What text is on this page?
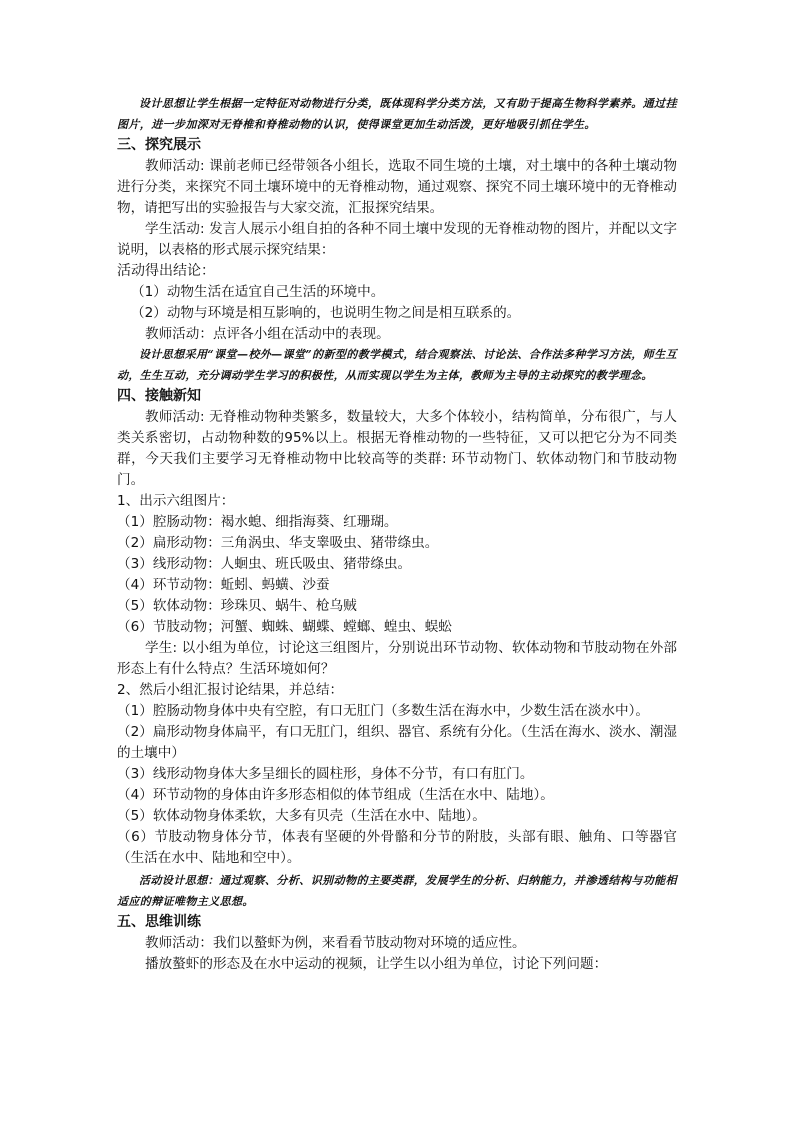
设计思想让学生根据一定特征对动物进行分类，既体现科学分类方法，又有助于提高生物科学素养。通过挂图片，进一步加深对无脊椎和脊椎动物的认识，使得课堂更加生动活泼，更好地吸引抓住学生。

三、探究展示

教师活动: 课前老师已经带领各小组长，选取不同生境的土壤，对土壤中的各种土壤动物进行分类，来探究不同土壤环境中的无脊椎动物，通过观察、探究不同土壤环境中的无脊椎动物，请把写出的实验报告与大家交流，汇报探究结果。

学生活动: 发言人展示小组自拍的各种不同土壤中发现的无脊椎动物的图片，并配以文字说明，以表格的形式展示探究结果：

活动得出结论：

（1）动物生活在适宜自己生活的环境中。

（2）动物与环境是相互影响的，也说明生物之间是相互联系的。

教师活动：点评各小组在活动中的表现。

设计思想采用“课堂—校外—课堂”的新型的教学模式，结合观察法、讨论法、合作法多种学习方法，师生互动，生生互动，充分调动学生学习的积极性，从而实现以学生为主体，教师为主导的主动探究的教学理念。

四、接触新知

教师活动: 无脊椎动物种类繁多，数量较大，大多个体较小，结构简单，分布很广，与人类关系密切，占动物种数的95%以上。根据无脊椎动物的一些特征，又可以把它分为不同类群，今天我们主要学习无脊椎动物中比较高等的类群: 环节动物门、软体动物门和节肢动物门。

1、出示六组图片：

（1）腔肠动物：褐水螅、细指海葵、红珊瑚。

（2）扁形动物：三角涡虫、华支睾吸虫、猪带绦虫。

（3）线形动物：人蛔虫、班氏吸虫、猪带绦虫。

（4）环节动物：蚯蚓、蚂蟥、沙蚕

（5）软体动物：珍珠贝、蜗牛、枪乌贼

（6）节肢动物；河蟹、蜘蛛、蝴蝶、螳螂、蝗虫、蜈蚣

学生: 以小组为单位，讨论这三组图片，分别说出环节动物、软体动物和节肢动物在外部形态上有什么特点？生活环境如何？

2、然后小组汇报讨论结果，并总结：

（1）腔肠动物身体中央有空腔，有口无肛门（多数生活在海水中，少数生活在淡水中）。

（2）扁形动物身体扁平，有口无肛门，组织、器官、系统有分化。（生活在海水、淡水、潮湿的土壤中）

（3）线形动物身体大多呈细长的圆柱形，身体不分节，有口有肛门。

（4）环节动物的身体由许多形态相似的体节组成（生活在水中、陆地）。

（5）软体动物身体柔软，大多有贝壳（生活在水中、陆地）。

（6）节肢动物身体分节，体表有坚硬的外骨骼和分节的附肢，头部有眼、触角、口等器官（生活在水中、陆地和空中）。

活动设计思想：通过观察、分析、识别动物的主要类群，发展学生的分析、归纳能力，并渗透结构与功能相适应的辩证唯物主义思想。

五、思维训练

教师活动：我们以螯虾为例，来看看节肢动物对环境的适应性。

播放螯虾的形态及在水中运动的视频，让学生以小组为单位，讨论下列问题：
